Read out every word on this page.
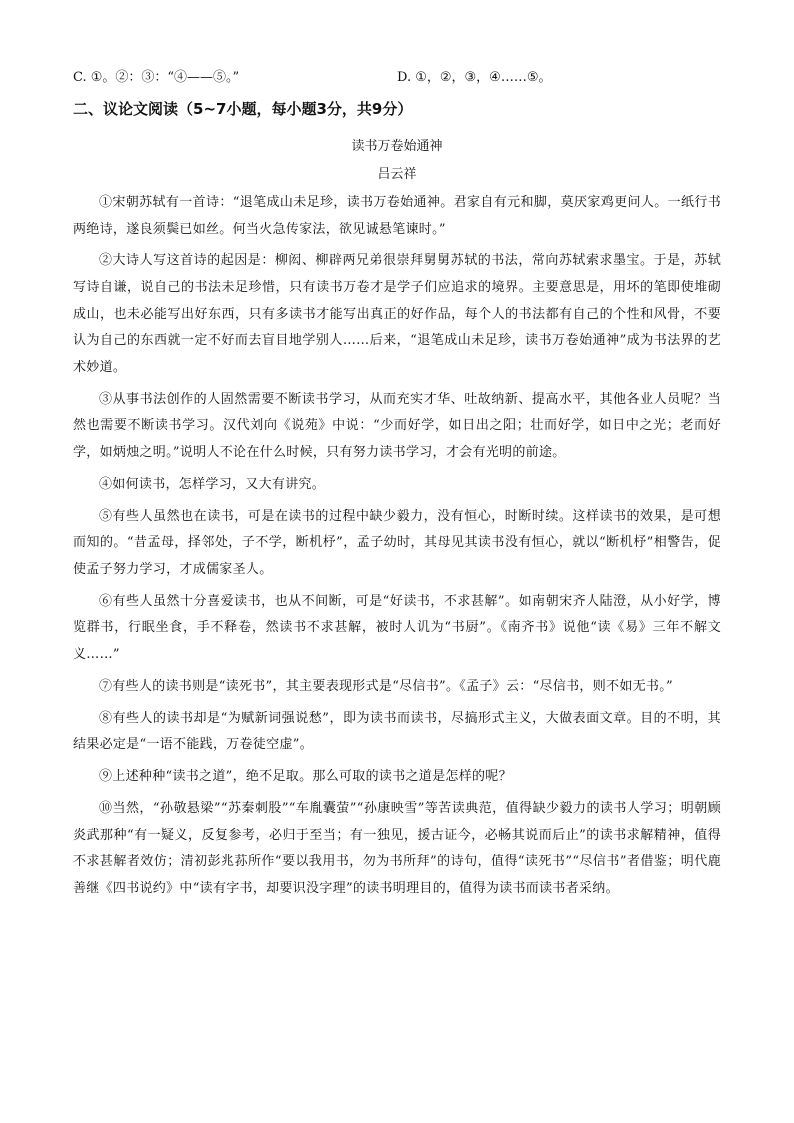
C. ①。②：③：“④——⑤。”	D. ①，②，③，④……⑤。
二、议论文阅读（5~7小题，每小题3分，共9分）
读书万卷始通神
吕云祥

①宋朝苏轼有一首诗：“退笔成山未足珍，读书万卷始通神。君家自有元和脚，莫厌家鸡更问人。一纸行书两绝诗，遂良须鬓已如丝。何当火急传家法，欲见诚悬笔谏时。”

②大诗人写这首诗的起因是：柳闳、柳辟两兄弟很崇拜舅舅苏轼的书法，常向苏轼索求墨宝。于是，苏轼写诗自谦，说自己的书法未足珍惜，只有读书万卷才是学子们应追求的境界。主要意思是，用坏的笔即使堆砌成山，也未必能写出好东西，只有多读书才能写出真正的好作品，每个人的书法都有自己的个性和风骨，不要认为自己的东西就一定不好而去盲目地学别人……后来，“退笔成山未足珍，读书万卷始通神”成为书法界的艺术妙道。

③从事书法创作的人固然需要不断读书学习，从而充实才华、吐故纳新、提高水平，其他各业人员呢？当然也需要不断读书学习。汉代刘向《说苑》中说：“少而好学，如日出之阳；壮而好学，如日中之光；老而好学，如炳烛之明。”说明人不论在什么时候，只有努力读书学习，才会有光明的前途。

④如何读书，怎样学习，又大有讲究。

⑤有些人虽然也在读书，可是在读书的过程中缺少毅力，没有恒心，时断时续。这样读书的效果，是可想而知的。“昔孟母，择邻处，子不学，断机杼”，孟子幼时，其母见其读书没有恒心，就以“断机杼”相警告，促使孟子努力学习，才成儒家圣人。

⑥有些人虽然十分喜爱读书，也从不间断，可是“好读书，不求甚解”。如南朝宋齐人陆澄，从小好学，博览群书，行眠坐食，手不释卷，然读书不求甚解，被时人讥为“书厨”。《南齐书》说他“读《易》三年不解文义……”

⑦有些人的读书则是“读死书”，其主要表现形式是“尽信书”。《孟子》云：“尽信书，则不如无书。”

⑧有些人的读书却是“为赋新词强说愁”，即为读书而读书，尽搞形式主义，大做表面文章。目的不明，其结果必定是“一语不能践，万卷徒空虚”。

⑨上述种种“读书之道”，绝不足取。那么可取的读书之道是怎样的呢？

⑩当然，“孙敬悬梁”“苏秦刺股”“车胤囊萤”“孙康映雪”等苦读典范，值得缺少毅力的读书人学习；明朝顾炎武那种“有一疑义，反复参考，必归于至当；有一独见，援古证今，必畅其说而后止”的读书求解精神，值得不求甚解者效仿；清初彭兆荪所作“要以我用书，勿为书所拜”的诗句，值得“读死书”“尽信书”者借鉴；明代鹿善继《四书说约》中“读有字书，却要识没字理”的读书明理目的，值得为读书而读书者采纳。
